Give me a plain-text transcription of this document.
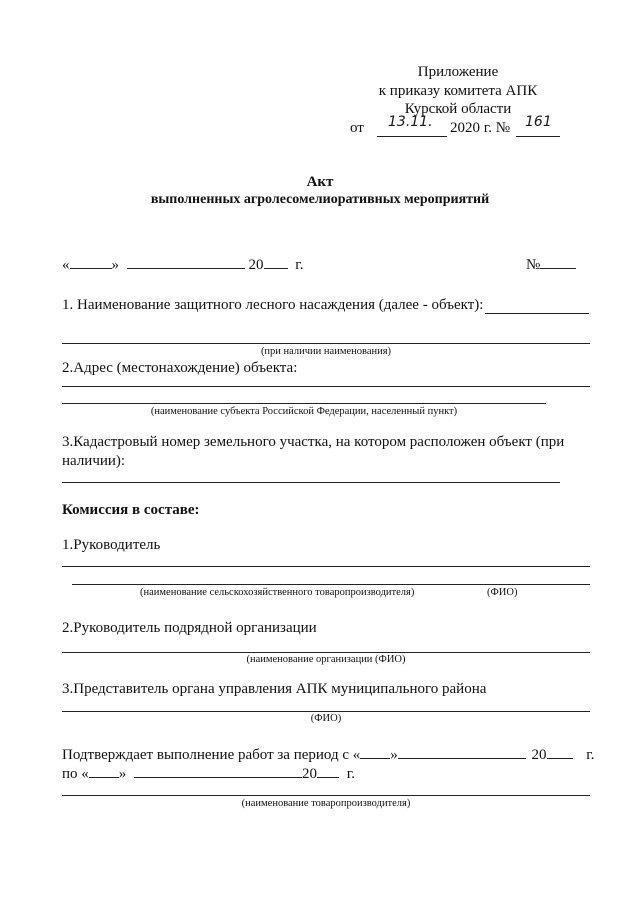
Приложение
к приказу комитета АПК
Курской области
от 13.11. 2020 г. № 161
Акт
выполненных агролесомелиоративных мероприятий
«	»	20 г.	№
1. Наименование защитного лесного насаждения (далее - объект):
(при наличии наименования)
2.Адрес (местонахождение) объекта:
(наименование субъекта Российской Федерации, населенный пункт)
3.Кадастровый номер земельного участка, на котором расположен объект (при
наличии):
Комиссия в составе:
1.Руководитель
(наименование сельскохозяйственного товаропроизводителя)	(ФИО)
2.Руководитель подрядной организации
(наименование организации (ФИО)
3.Представитель органа управления АПК муниципального района
(ФИО)
Подтверждает выполнение работ за период с « »	20	г.
по « »	20 г.
(наименование товаропроизводителя)
